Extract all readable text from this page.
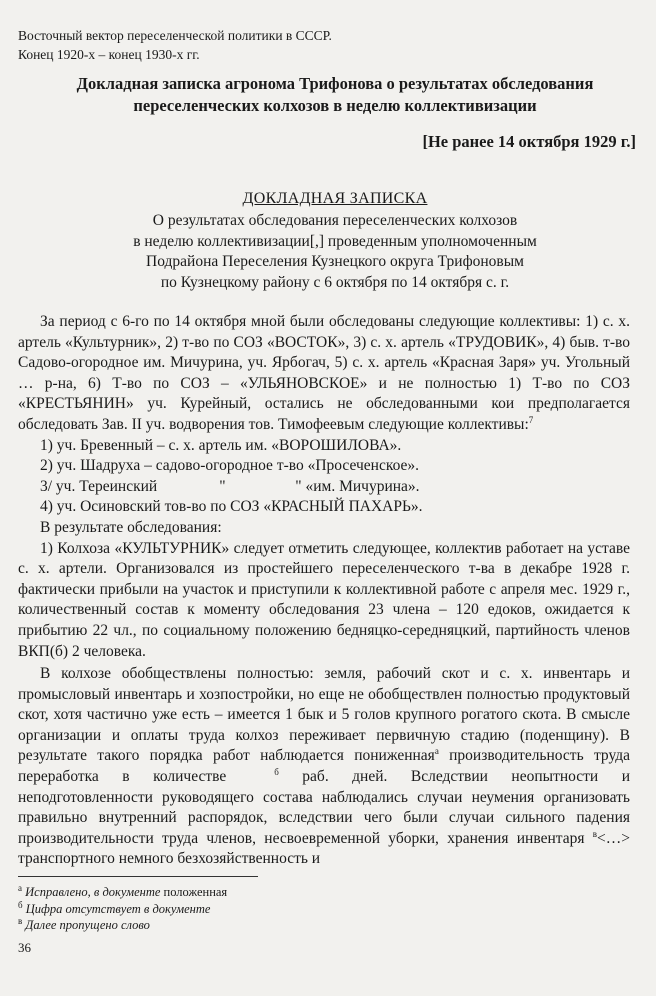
Восточный вектор переселенческой политики в СССР.
Конец 1920-х – конец 1930-х гг.
Докладная записка агронома Трифонова о результатах обследования
переселенческих колхозов в неделю коллективизации
[Не ранее 14 октября 1929 г.]
ДОКЛАДНАЯ ЗАПИСКА
О результатах обследования переселенческих колхозов
в неделю коллективизации[,] проведенным уполномоченным
Подрайона Переселения Кузнецкого округа Трифоновым
по Кузнецкому району с 6 октября по 14 октября с. г.

За период с 6-го по 14 октября мной были обследованы следующие коллективы: 1) с. х. артель «Культурник», 2) т-во по СОЗ «ВОСТОК», 3) с. х. артель «ТРУДОВИК», 4) быв. т-во Садово-огородное им. Мичурина, уч. Ярбогач, 5) с. х. артель «Красная Заря» уч. Угольный … р-на, 6) Т-во по СОЗ – «УЛЬЯНОВСКОЕ» и не полностью 1) Т-во по СОЗ «КРЕСТЬЯНИН» уч. Курейный, остались не обследованными кои предполагается обследовать Зав. II уч. водворения тов. Тимофеевым следующие коллективы:$^7$

1) уч. Бревенный – с. х. артель им. «ВОРОШИЛОВА».

2) уч. Шадруха – садово-огородное т-во «Просеченское».

3/ уч. Тереинский                "                  " «им. Мичурина».

4) уч. Осиновский тов-во по СОЗ «КРАСНЫЙ ПАХАРЬ».

В результате обследования:

1) Колхоза «КУЛЬТУРНИК» следует отметить следующее, коллектив работает на уставе с. х. артели. Организовался из простейшего переселенческого т-ва в декабре 1928 г. фактически прибыли на участок и приступили к коллективной работе с апреля мес. 1929 г., количественный состав к моменту обследования 23 члена – 120 едоков, ожидается к прибытию 22 чл., по социальному положению бедняцко-середняцкий, партийность членов ВКП(б) 2 человека.

В колхозе обобществлены полностью: земля, рабочий скот и с. х. инвентарь и промысловый инвентарь и хозпостройки, но еще не обобществлен полностью продуктовый скот, хотя частично уже есть – имеется 1 бык и 5 голов крупного рогатого скота. В смысле организации и оплаты труда колхоз переживает первичную стадию (поденщину). В результате такого порядка работ наблюдается пониженная$^а$ производительность труда переработка в количестве	$^б$ раб. дней. Вследствии неопытности и неподготовленности руководящего состава наблюдались случаи неумения организовать правильно внутренний распорядок, вследствии чего были случаи сильного падения производительности труда членов, несвоевременной уборки, хранения инвентаря $^в$<…> транспортного немного безхозяйственность и

$^а$ Исправлено, в документе положенная
$^б$ Цифра отсутствует в документе
$^в$ Далее пропущено слово
36
